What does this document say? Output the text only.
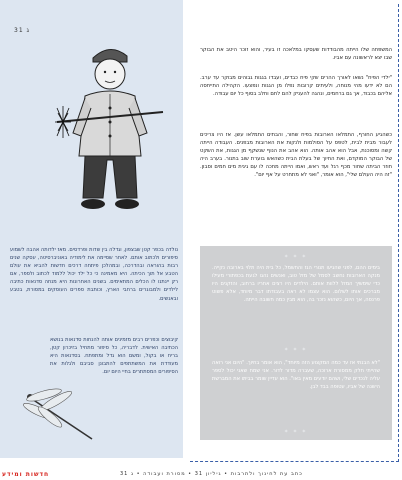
ג 31
נולדה בכפר קטן שבצפון, וגדלה בין שדות ופרדסים. מאז ילדותה אהבה לשמוע סיפורים ולכתוב אותם. לאחר שסיימה את לימודיה באוניברסיטה, עסקה שנים רבות בהוראה ובהדרכה, ובמהלכן פיתחה דרכים חדשות להביא את עולם הטבע אל תוך הכיתה. היא מאמינה כי כל ילד יכול ללמוד לכתוב ולספר, אם רק יינתנו לו הכלים המתאימים. בשנים האחרונות היא מנחה סדנאות כתיבה לילדים ולמבוגרים ברחבי הארץ, וכותבת ספרים העוסקים במסורת, בטבע ובאנשים.
קיבוצים וכפרים רבים מזמינים אותה להנחות סדנאות בנושא הכתיבה האישית. לדבריה, כל סיפור מתחיל בזיכרון קטן, בריח או בקול, ומשם הוא גדל ומתפתח. בסדנאות היא מעודדת את המשתתפים להתבונן סביבם ולגלות את הסיפורים המסתתרים בחיי היום יום.
המשפחה שלו הייתה מהבודדות שעסקו במלאכה זו בעיר, והוא זוכר היטב את הבוקר שבו יצא לראשונה עם אביו.
"ילדי הפיח" נשאו לאורך ההרים שקי פיח כבדים, ועבדו בגגות גבוהים מבוקר עד ערב. הם לא ידעו מהי מנוחה, ולעיתים קרובות נפלו מן הגגות ונפצעו. הקהילה התייחסה אליהם בכבוד, אך גם ברחמים, ונהגה להעניק להם לחם וחלב בסוף כל יום עבודה.
כשהגיע החורף, התמלאו הארובות בפיח שחור, והבתים התמלאו עשן. אז היו צריכים לעבור מבית לבית, לטפס על הסולמות ולנקות את הארובות מבפנים. העבודה הייתה קשה ומסוכנת, אבל הוא אהב אותה. הוא אהב את הנוף שנשקף מן הגגות, את השקט של הבוקר המוקדם, ואת החיוך של בעלת הבית כשהאש בוערת שוב בתנור. בערב היה חוזר הביתה שחור מכף רגל ועד ראש, ואמו הייתה מחכה לו עם גיגית מים חמים וסבון. "זה היה העולם שלי", הוא אומר, "ואני לא מתחרט על אף יום".
* * *
בימים ההם, לפני שהגיעו תנורי הגז והחשמל, כל בית היה תלוי בארובה נקייה. מנקה הארובות נחשב לסמל של מזל טוב, ואנשים נהגו לגעת בכפתורי מעילו כדי שימשיך המזל ללוות אותם. הילדים היו רצים אחריו ברחוב, והזקנים היו מברכים אותו לשלום. הוא עצמו לא ראה בעבודתו דבר מיוחד, אלא פשוט פרנסה, אך היום, כשהוא נזכר בה, הוא מבין כמה חשובה הייתה.
* * *
"לא הבנתי אז עד כמה המקצוע הזה מיוחד", הוא אומר בחיוך. "היום אני רואה שהייתי חלק ממסורת ארוכה, שעברה מדור לדור. אני שמח שאני יכול לספר עליה לנכדים שלי, ושהם יודעים מאין באו". הוא עדיין שומר בביתו את המברשת הישנה של אביו, עטופה בבד לבן.
* * *
חדשות ומידע	כתב עת לחינוך ולתרבות • גיליון 31 • מסורת ועבודה • ג 31
